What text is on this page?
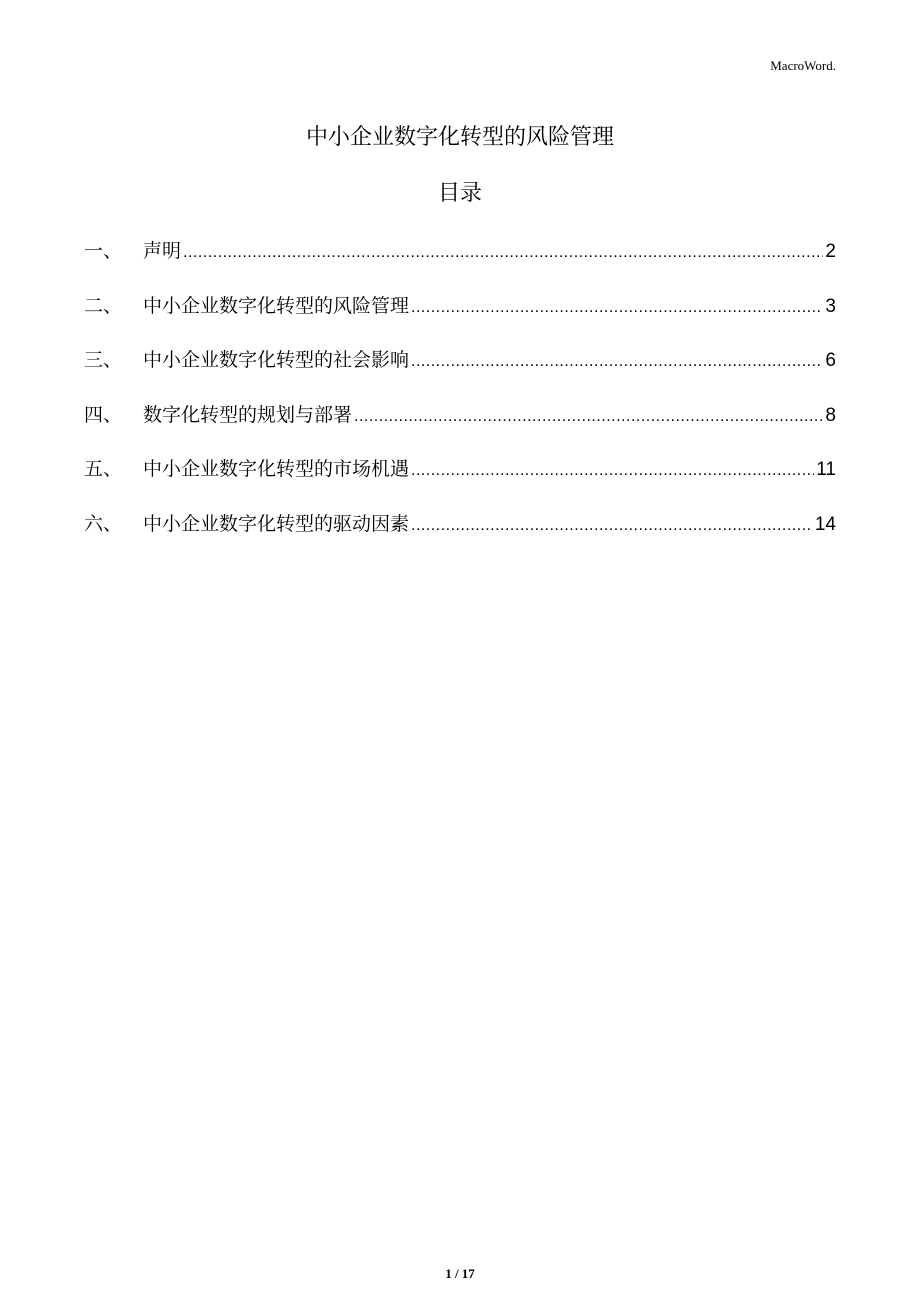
MacroWord.
中小企业数字化转型的风险管理
目录
一、	声明 .....	2
二、	中小企业数字化转型的风险管理 .....	3
三、	中小企业数字化转型的社会影响 .....	6
四、	数字化转型的规划与部署 .....	8
五、	中小企业数字化转型的市场机遇 .....	11
六、	中小企业数字化转型的驱动因素 .....	14
1 / 17
